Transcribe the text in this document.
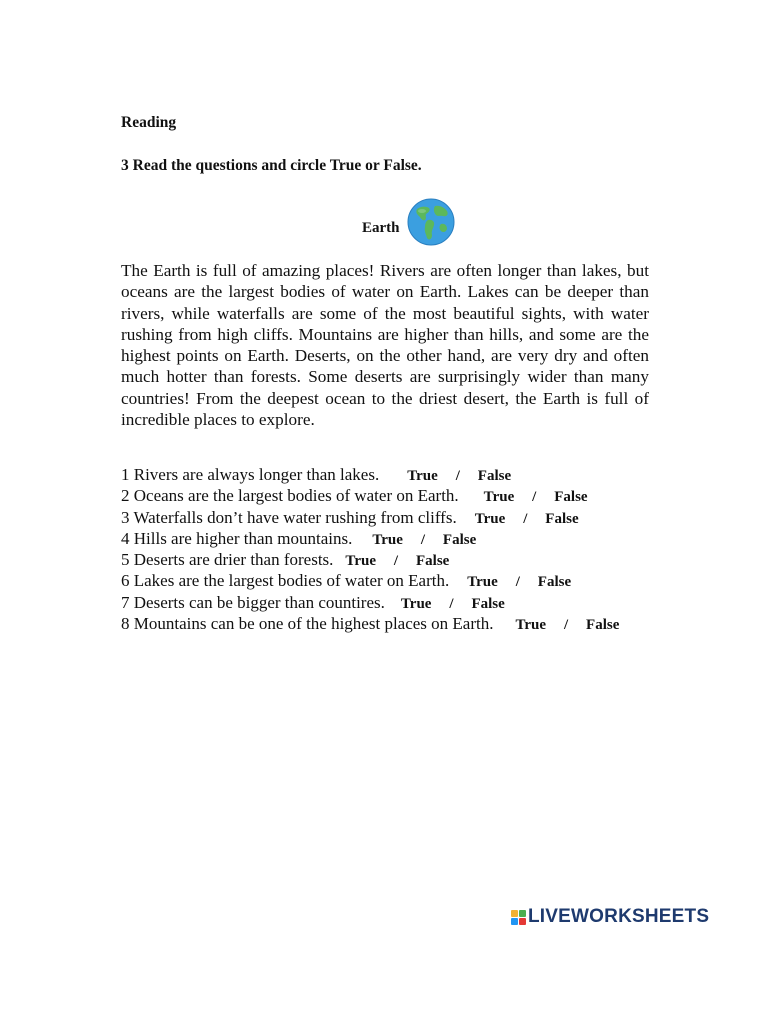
Reading
3 Read the questions and circle True or False.
Earth
The Earth is full of amazing places! Rivers are often longer than lakes, but oceans are the largest bodies of water on Earth. Lakes can be deeper than rivers, while waterfalls are some of the most beautiful sights, with water rushing from high cliffs. Mountains are higher than hills, and some are the highest points on Earth. Deserts, on the other hand, are very dry and often much hotter than forests. Some deserts are surprisingly wider than many countries! From the deepest ocean to the driest desert, the Earth is full of incredible places to explore.
1 Rivers are always longer than lakes. True	/	False
2 Oceans are the largest bodies of water on Earth. True	/	False
3 Waterfalls don’t have water rushing from cliffs. True	/	False
4 Hills are higher than mountains. True	/	False
5 Deserts are drier than forests. True	/	False
6 Lakes are the largest bodies of water on Earth. True	/	False
7 Deserts can be bigger than countires. True	/	False
8 Mountains can be one of the highest places on Earth. True	/	False
LIVEWORKSHEETS
